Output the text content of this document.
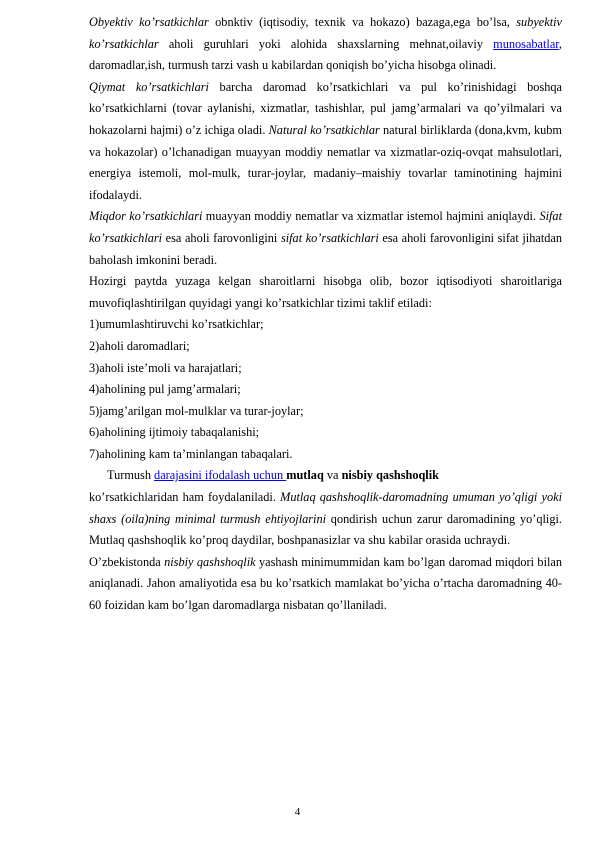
Obyektiv ko’rsatkichlar obnktiv (iqtisodiy, texnik va hokazo) bazaga,ega bo’lsa, subyektiv ko’rsatkichlar aholi guruhlari yoki alohida shaxslarning mehnat,oilaviy munosabatlar, daromadlar,ish, turmush tarzi vash u kabilardan qoniqish bo’yicha hisobga olinadi.

Qiymat ko’rsatkichlari barcha daromad ko’rsatkichlari va pul ko’rinishidagi boshqa ko’rsatkichlarni (tovar aylanishi, xizmatlar, tashishlar, pul jamg’armalari va qo’yilmalari va hokazolarni hajmi) o’z ichiga oladi. Natural ko’rsatkichlar natural birliklarda (dona,kvm, kubm va hokazolar) o’lchanadigan muayyan moddiy nematlar va xizmatlar-oziq-ovqat mahsulotlari, energiya istemoli, mol-mulk, turar-joylar, madaniy–maishiy tovarlar taminotining hajmini ifodalaydi.

Miqdor ko’rsatkichlari muayyan moddiy nematlar va xizmatlar istemol hajmini aniqlaydi. Sifat ko’rsatkichlari esa aholi farovonligini sifat ko’rsatkichlari esa aholi farovonligini sifat jihatdan baholash imkonini beradi.

Hozirgi paytda yuzaga kelgan sharoitlarni hisobga olib, bozor iqtisodiyoti sharoitlariga muvofiqlashtirilgan quyidagi yangi ko’rsatkichlar tizimi taklif etiladi:

1)umumlashtiruvchi ko’rsatkichlar;

2)aholi daromadlari;

3)aholi iste’moli va harajatlari;

4)aholining pul jamg’armalari;

5)jamg’arilgan mol-mulklar va turar-joylar;

6)aholining ijtimoiy tabaqalanishi;

7)aholining kam ta’minlangan tabaqalari.

Turmush darajasini ifodalash uchun mutlaq va nisbiy qashshoqlik

ko’rsatkichlaridan ham foydalaniladi. Mutlaq qashshoqlik-daromadning umuman yo’qligi yoki shaxs (oila)ning minimal turmush ehtiyojlarini qondirish uchun zarur daromadining yo’qligi. Mutlaq qashshoqlik ko’proq daydilar, boshpanasizlar va shu kabilar orasida uchraydi.

O’zbekistonda nisbiy qashshoqlik yashash minimummidan kam bo’lgan daromad miqdori bilan aniqlanadi. Jahon amaliyotida esa bu ko’rsatkich mamlakat bo’yicha o’rtacha daromadning 40-60 foizidan kam bo’lgan daromadlarga nisbatan qo’llaniladi.

4
